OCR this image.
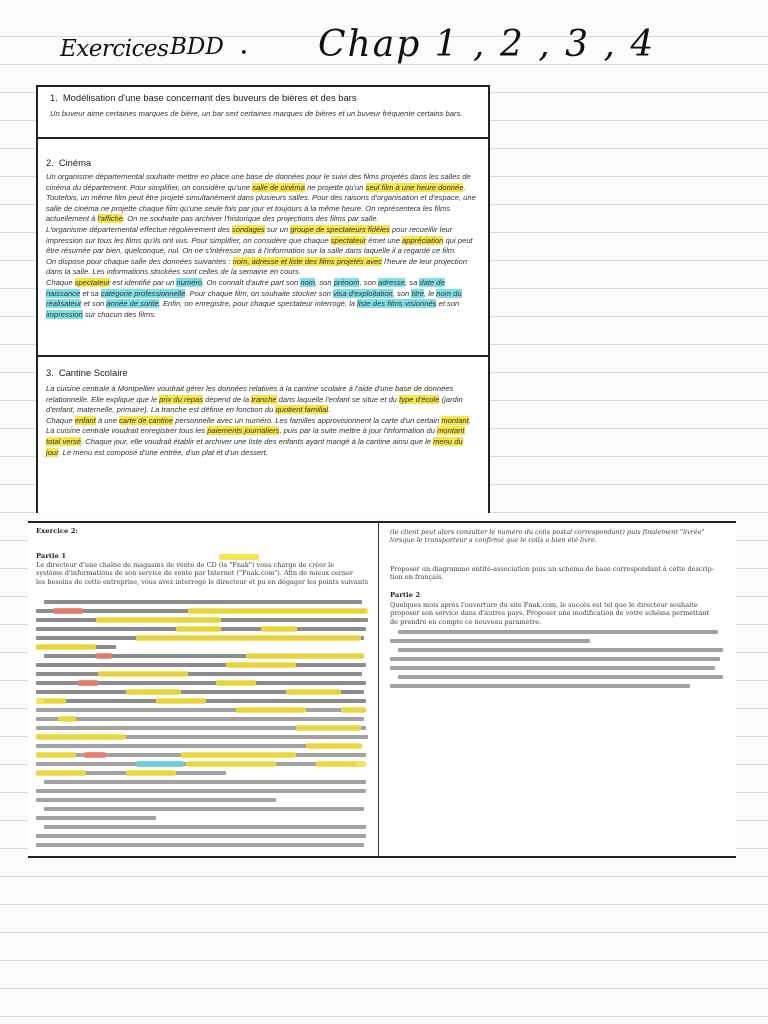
Exercices BDD • Chap 1 , 2 , 3 , 4
1. Modélisation d'une base concernant des buveurs de bières et des bars

Un buveur aime certaines marques de bière, un bar sert certaines marques de bières et un buveur fréquente certains bars.

2. Cinéma

Un organisme départemental souhaite mettre en place une base de données pour le suivi des films projetés dans les salles de cinéma du département. Pour simplifier, on considère qu'une salle de cinéma ne projette qu'un seul film à une heure donnée. Toutefois, un même film peut être projeté simultanément dans plusieurs salles. Pour des raisons d'organisation et d'espace, une salle de cinéma ne projette chaque film qu'une seule fois par jour et toujours à la même heure. On représentera les films actuellement à l'affiche. On ne souhaite pas archiver l'historique des projections des films par salle.
L'organisme départemental effectue régulièrement des sondages sur un groupe de spectateurs fidèles pour recueillir leur impression sur tous les films qu'ils ont vus. Pour simplifier, on considère que chaque spectateur émet une appréciation qui peut être résumée par bien, quelconque, nul. On ne s'intéresse pas à l'information sur la salle dans laquelle il a regardé ce film.
On dispose pour chaque salle des données suivantes : nom, adresse et liste des films projetés avec l'heure de leur projection dans la salle. Les informations stockées sont celles de la semaine en cours.
Chaque spectateur est identifié par un numéro. On connaît d'autre part son nom, son prénom, son adresse, sa date de naissance et sa catégorie professionnelle. Pour chaque film, on souhaite stocker son visa d'exploitation, son titre, le nom du réalisateur et son année de sortie. Enfin, on enregistre, pour chaque spectateur interrogé, la liste des films visionnés et son impression sur chacun des films.

3. Cantine Scolaire

La cuisine centrale à Montpellier voudrait gérer les données relatives à la cantine scolaire à l'aide d'une base de données relationnelle. Elle explique que le prix du repas dépend de la tranche dans laquelle l'enfant se situe et du type d'école (jardin d'enfant, maternelle, primaire). La tranche est définie en fonction du quotient familial.
Chaque enfant à une carte de cantine personnelle avec un numéro. Les familles approvisionnent la carte d'un certain montant.
La cuisine centrale voudrait enregistrer tous les paiements journaliers, puis par la suite mettre à jour l'information du montant total versé. Chaque jour, elle voudrait établir et archiver une liste des enfants ayant mangé à la cantine ainsi que le menu du jour. Le menu est composé d'une entrée, d'un plat et d'un dessert.

Exercice 2:
Partie 1
Le directeur d'une chaîne de magasins de vente de CD (la "Fnak") vous charge de créer le
système d'informations de son service de vente par Internet ("Fnak.com"). Afin de mieux cerner
les besoins de cette entreprise, vous avez interrogé le directeur et pu en dégager les points suivants
(le client peut alors consulter le numéro du colis postal correspondant) puis finalement "livrée"
lorsque le transporteur a confirmé que le colis a bien été livré.
Proposer un diagramme entité-association puis un schéma de base correspondant à cette descrip-
tion en français.
Partie 2
Quelques mois après l'ouverture du site Fnak.com, le succès est tel que le directeur souhaite
proposer son service dans d'autres pays. Proposer une modification de votre schéma permettant
de prendre en compte ce nouveau paramètre.
